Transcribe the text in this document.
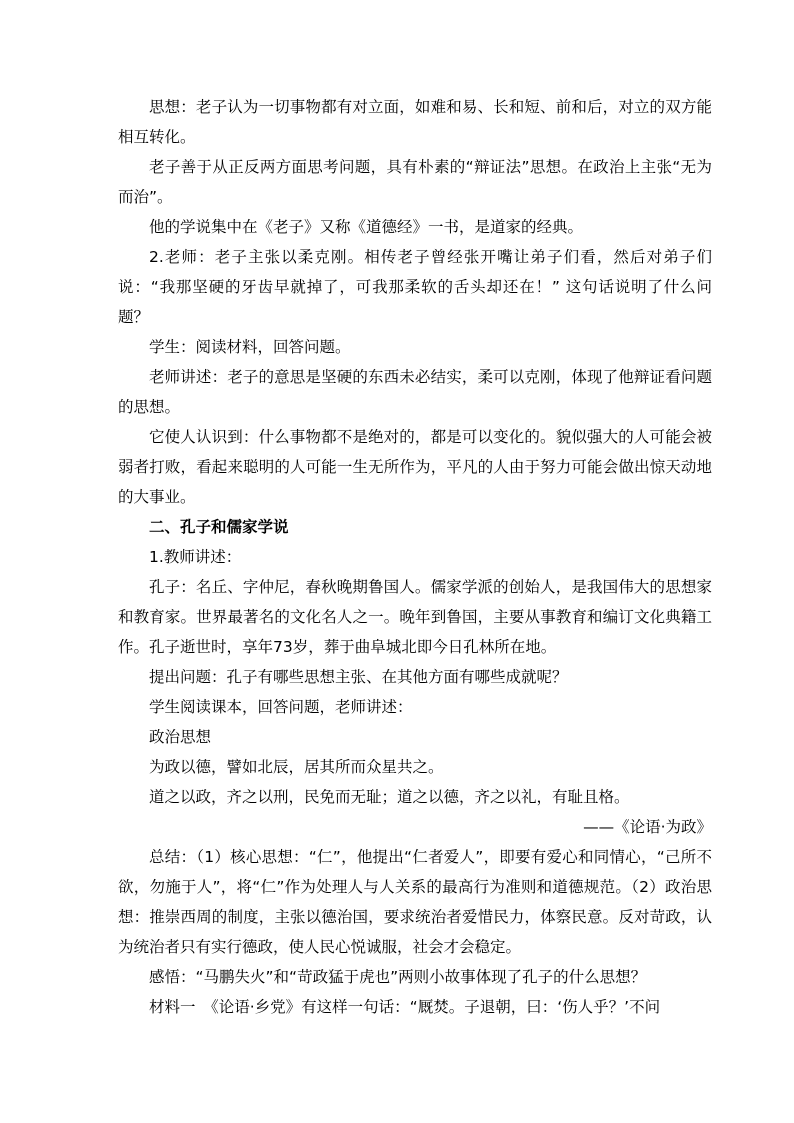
思想：老子认为一切事物都有对立面，如难和易、长和短、前和后，对立的双方能相互转化。

老子善于从正反两方面思考问题，具有朴素的“辩证法”思想。在政治上主张“无为而治”。

他的学说集中在《老子》又称《道德经》一书，是道家的经典。

2.老师：老子主张以柔克刚。相传老子曾经张开嘴让弟子们看，然后对弟子们说：“我那坚硬的牙齿早就掉了，可我那柔软的舌头却还在！” 这句话说明了什么问题？

学生：阅读材料，回答问题。

老师讲述：老子的意思是坚硬的东西未必结实，柔可以克刚，体现了他辩证看问题的思想。

它使人认识到：什么事物都不是绝对的，都是可以变化的。貌似强大的人可能会被弱者打败，看起来聪明的人可能一生无所作为，平凡的人由于努力可能会做出惊天动地的大事业。

二、孔子和儒家学说

1.教师讲述：

孔子：名丘、字仲尼，春秋晚期鲁国人。儒家学派的创始人，是我国伟大的思想家和教育家。世界最著名的文化名人之一。晚年到鲁国，主要从事教育和编订文化典籍工作。孔子逝世时，享年73岁，葬于曲阜城北即今日孔林所在地。

提出问题：孔子有哪些思想主张、在其他方面有哪些成就呢？

学生阅读课本，回答问题，老师讲述：

政治思想

为政以德，譬如北辰，居其所而众星共之。

道之以政，齐之以刑，民免而无耻；道之以德，齐之以礼，有耻且格。

——《论语·为政》

总结：（1）核心思想：“仁”，他提出“仁者爱人”，即要有爱心和同情心，“己所不欲，勿施于人”，将“仁”作为处理人与人关系的最高行为准则和道德规范。（2）政治思想：推崇西周的制度，主张以德治国，要求统治者爱惜民力，体察民意。反对苛政，认为统治者只有实行德政，使人民心悦诚服，社会才会稳定。

感悟：“马鹏失火”和“苛政猛于虎也”两则小故事体现了孔子的什么思想？

材料一　《论语·乡党》有这样一句话：“厩焚。子退朝，曰：‘伤人乎？’不问
